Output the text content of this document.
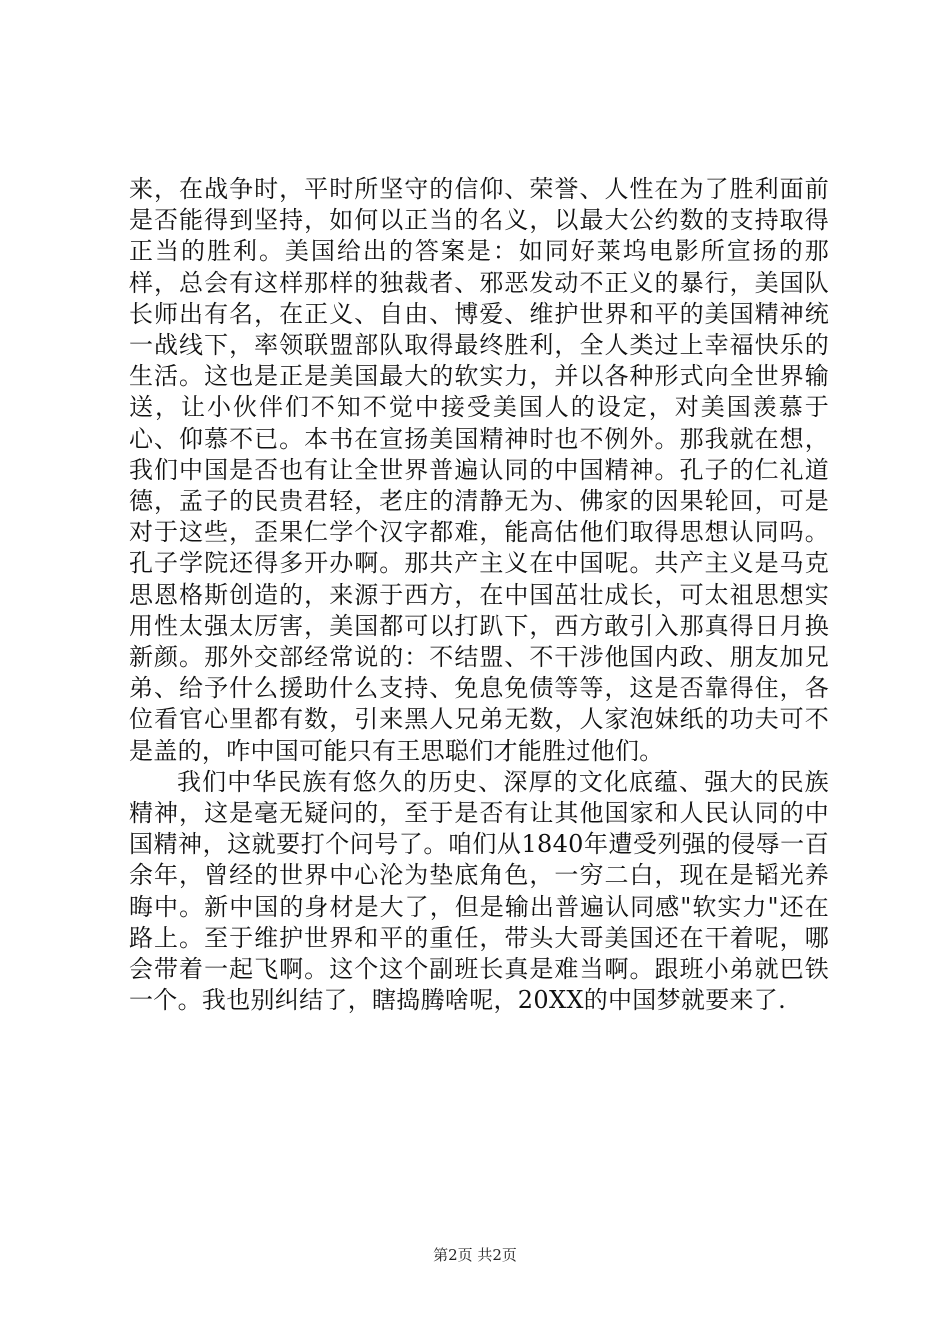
来，在战争时，平时所坚守的信仰、荣誉、人性在为了胜利面前是否能得到坚持，如何以正当的名义，以最大公约数的支持取得正当的胜利。美国给出的答案是：如同好莱坞电影所宣扬的那样，总会有这样那样的独裁者、邪恶发动不正义的暴行，美国队长师出有名，在正义、自由、博爱、维护世界和平的美国精神统一战线下，率领联盟部队取得最终胜利，全人类过上幸福快乐的生活。这也是正是美国最大的软实力，并以各种形式向全世界输送，让小伙伴们不知不觉中接受美国人的设定，对美国羡慕于心、仰慕不已。本书在宣扬美国精神时也不例外。那我就在想，我们中国是否也有让全世界普遍认同的中国精神。孔子的仁礼道德，孟子的民贵君轻，老庄的清静无为、佛家的因果轮回，可是对于这些，歪果仁学个汉字都难，能高估他们取得思想认同吗。孔子学院还得多开办啊。那共产主义在中国呢。共产主义是马克思恩格斯创造的，来源于西方，在中国茁壮成长，可太祖思想实用性太强太厉害，美国都可以打趴下，西方敢引入那真得日月换新颜。那外交部经常说的：不结盟、不干涉他国内政、朋友加兄弟、给予什么援助什么支持、免息免债等等，这是否靠得住，各位看官心里都有数，引来黑人兄弟无数，人家泡妹纸的功夫可不是盖的，咋中国可能只有王思聪们才能胜过他们。

我们中华民族有悠久的历史、深厚的文化底蕴、强大的民族精神，这是毫无疑问的，至于是否有让其他国家和人民认同的中国精神，这就要打个问号了。咱们从1840年遭受列强的侵辱一百余年，曾经的世界中心沦为垫底角色，一穷二白，现在是韬光养晦中。新中国的身材是大了，但是输出普遍认同感"软实力"还在路上。至于维护世界和平的重任，带头大哥美国还在干着呢，哪会带着一起飞啊。这个这个副班长真是难当啊。跟班小弟就巴铁一个。我也别纠结了，瞎捣腾啥呢，20XX的中国梦就要来了.

第2页 共2页
